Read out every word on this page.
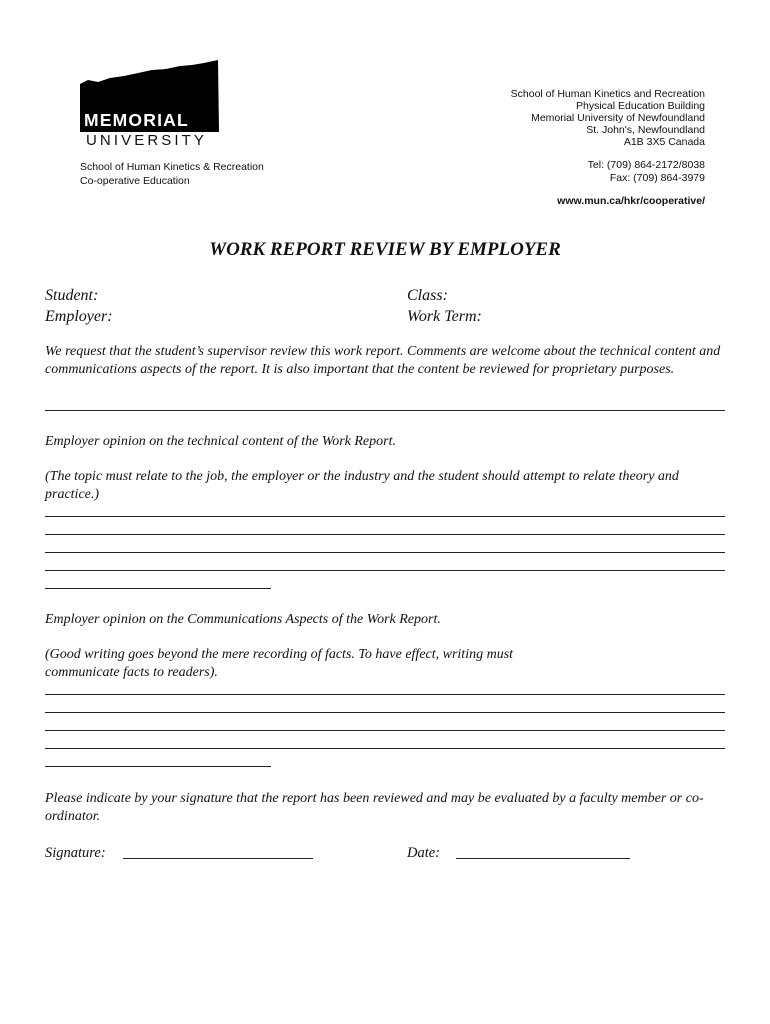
MEMORIAL
UNIVERSITY
School of Human Kinetics & Recreation
Co-operative Education
School of Human Kinetics and Recreation
Physical Education Building
Memorial University of Newfoundland
St. John's, Newfoundland
A1B 3X5 Canada
Tel: (709) 864-2172/8038
Fax: (709) 864-3979
www.mun.ca/hkr/cooperative/
WORK REPORT REVIEW BY EMPLOYER
Student:
Employer:
Class:
Work Term:
We request that the student’s supervisor review this work report. Comments are welcome about the technical content and communications aspects of the report. It is also important that the content be reviewed for proprietary purposes.
Employer opinion on the technical content of the Work Report.
(The topic must relate to the job, the employer or the industry and the student should attempt to relate theory and practice.)
Employer opinion on the Communications Aspects of the Work Report.
(Good writing goes beyond the mere recording of facts. To have effect, writing must
communicate facts to readers).
Please indicate by your signature that the report has been reviewed and may be evaluated by a faculty member or co-ordinator.
Signature:	Date:
